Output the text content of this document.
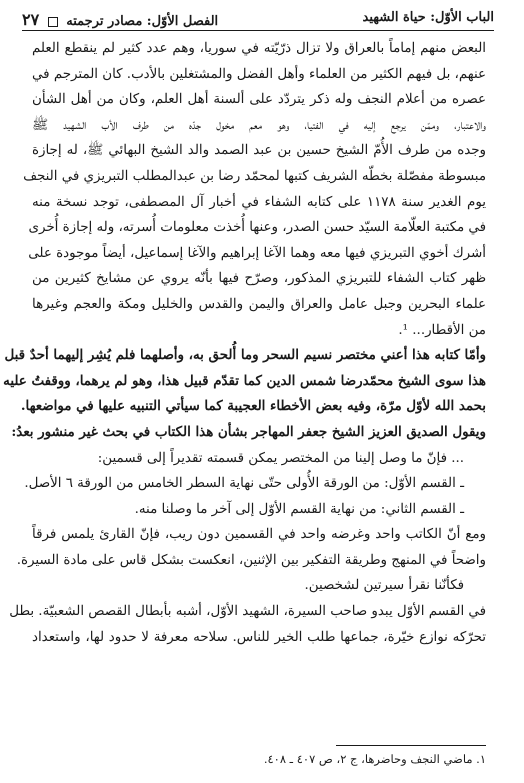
الباب الأوّل: حياة الشهيد
الفصل الأوّل: مصادر ترجمته  ٢٧
البعض منهم إماماً بالعراق ولا تزال ذرّيّته في سوريا، وهم عدد كثير لم ينقطع العلم
عنهم، بل فيهم الكثير من العلماء وأهل الفضل والمشتغلين بالأدب. كان المترجم في
عصره من أعلام النجف وله ذكر يتردّد على ألسنة أهل العلم، وكان من أهل الشأن
والاعتبار، وممّن يرجع إليه في الفتيا، وهو معم مخول جدّه من طرف الأب الشهيد ﷺ
وجده من طرف الأُمّ الشيخ حسين بن عبد الصمد والد الشيخ البهائي ﷺ، له إجازة
مبسوطة مفصّلة بخطّه الشريف كتبها لمحمّد رضا بن عبدالمطلب التبريزي في النجف
يوم الغدير سنة ١١٧٨ على كتابه الشفاء في أخبار آل المصطفى، توجد نسخة منه
في مكتبة العلّامة السيّد حسن الصدر، وعنها أُخذت معلومات أُسرته، وله إجازة أُخرى
أشرك أخوي التبريزي فيها معه وهما الآغا إبراهيم والآغا إسماعيل، أيضاً موجودة على
ظهر كتاب الشفاء للتبريزي المذكور، وصرّح فيها بأنّه يروي عن مشايخ كثيرين من
علماء البحرين وجبل عامل والعراق واليمن والقدس والخليل ومكة والعجم وغيرها
من الأقطار... ¹.
وأمّا كتابه هذا أعني مختصر نسيم السحر وما أُلحق به، وأصلهما فلم يُشِر إليهما أحدٌ قبل
هذا سوى الشيخ محمّدرضا شمس الدين كما تقدّم قبيل هذا، وهو لم يرهما، ووقفتُ عليه
بحمد الله لأوّل مرّة، وفيه بعض الأخطاء العجيبة كما سيأتي التنبيه عليها في مواضعها.
ويقول الصديق العزيز الشيخ جعفر المهاجر بشأن هذا الكتاب في بحث غير منشور بعدُ:
... فإنّ ما وصل إلينا من المختصر يمكن قسمته تقديراً إلى قسمين:
ـ القسم الأوّل: من الورقة الأُولى حتّى نهاية السطر الخامس من الورقة ٦ الأصل.
ـ القسم الثاني: من نهاية القسم الأوّل إلى آخر ما وصلنا منه.
ومع أنّ الكاتب واحد وغرضه واحد في القسمين دون ريب، فإنّ القارئ يلمس فرقاً
واضحاً في المنهج وطريقة التفكير بين الإثنين، انعكست بشكل قاس على مادة السيرة.
فكأنّنا نقرأ سيرتين لشخصين.
في القسم الأوّل يبدو صاحب السيرة، الشهيد الأوّل، أشبه بأبطال القصص الشعبيّة. بطل
تحرّكه نوازع خيّرة، جماعها طلب الخير للناس. سلاحه معرفة لا حدود لها، واستعداد
١. ماضي النجف وحاضرها، ج ٢، ص ٤٠٧ ـ ٤٠٨.
